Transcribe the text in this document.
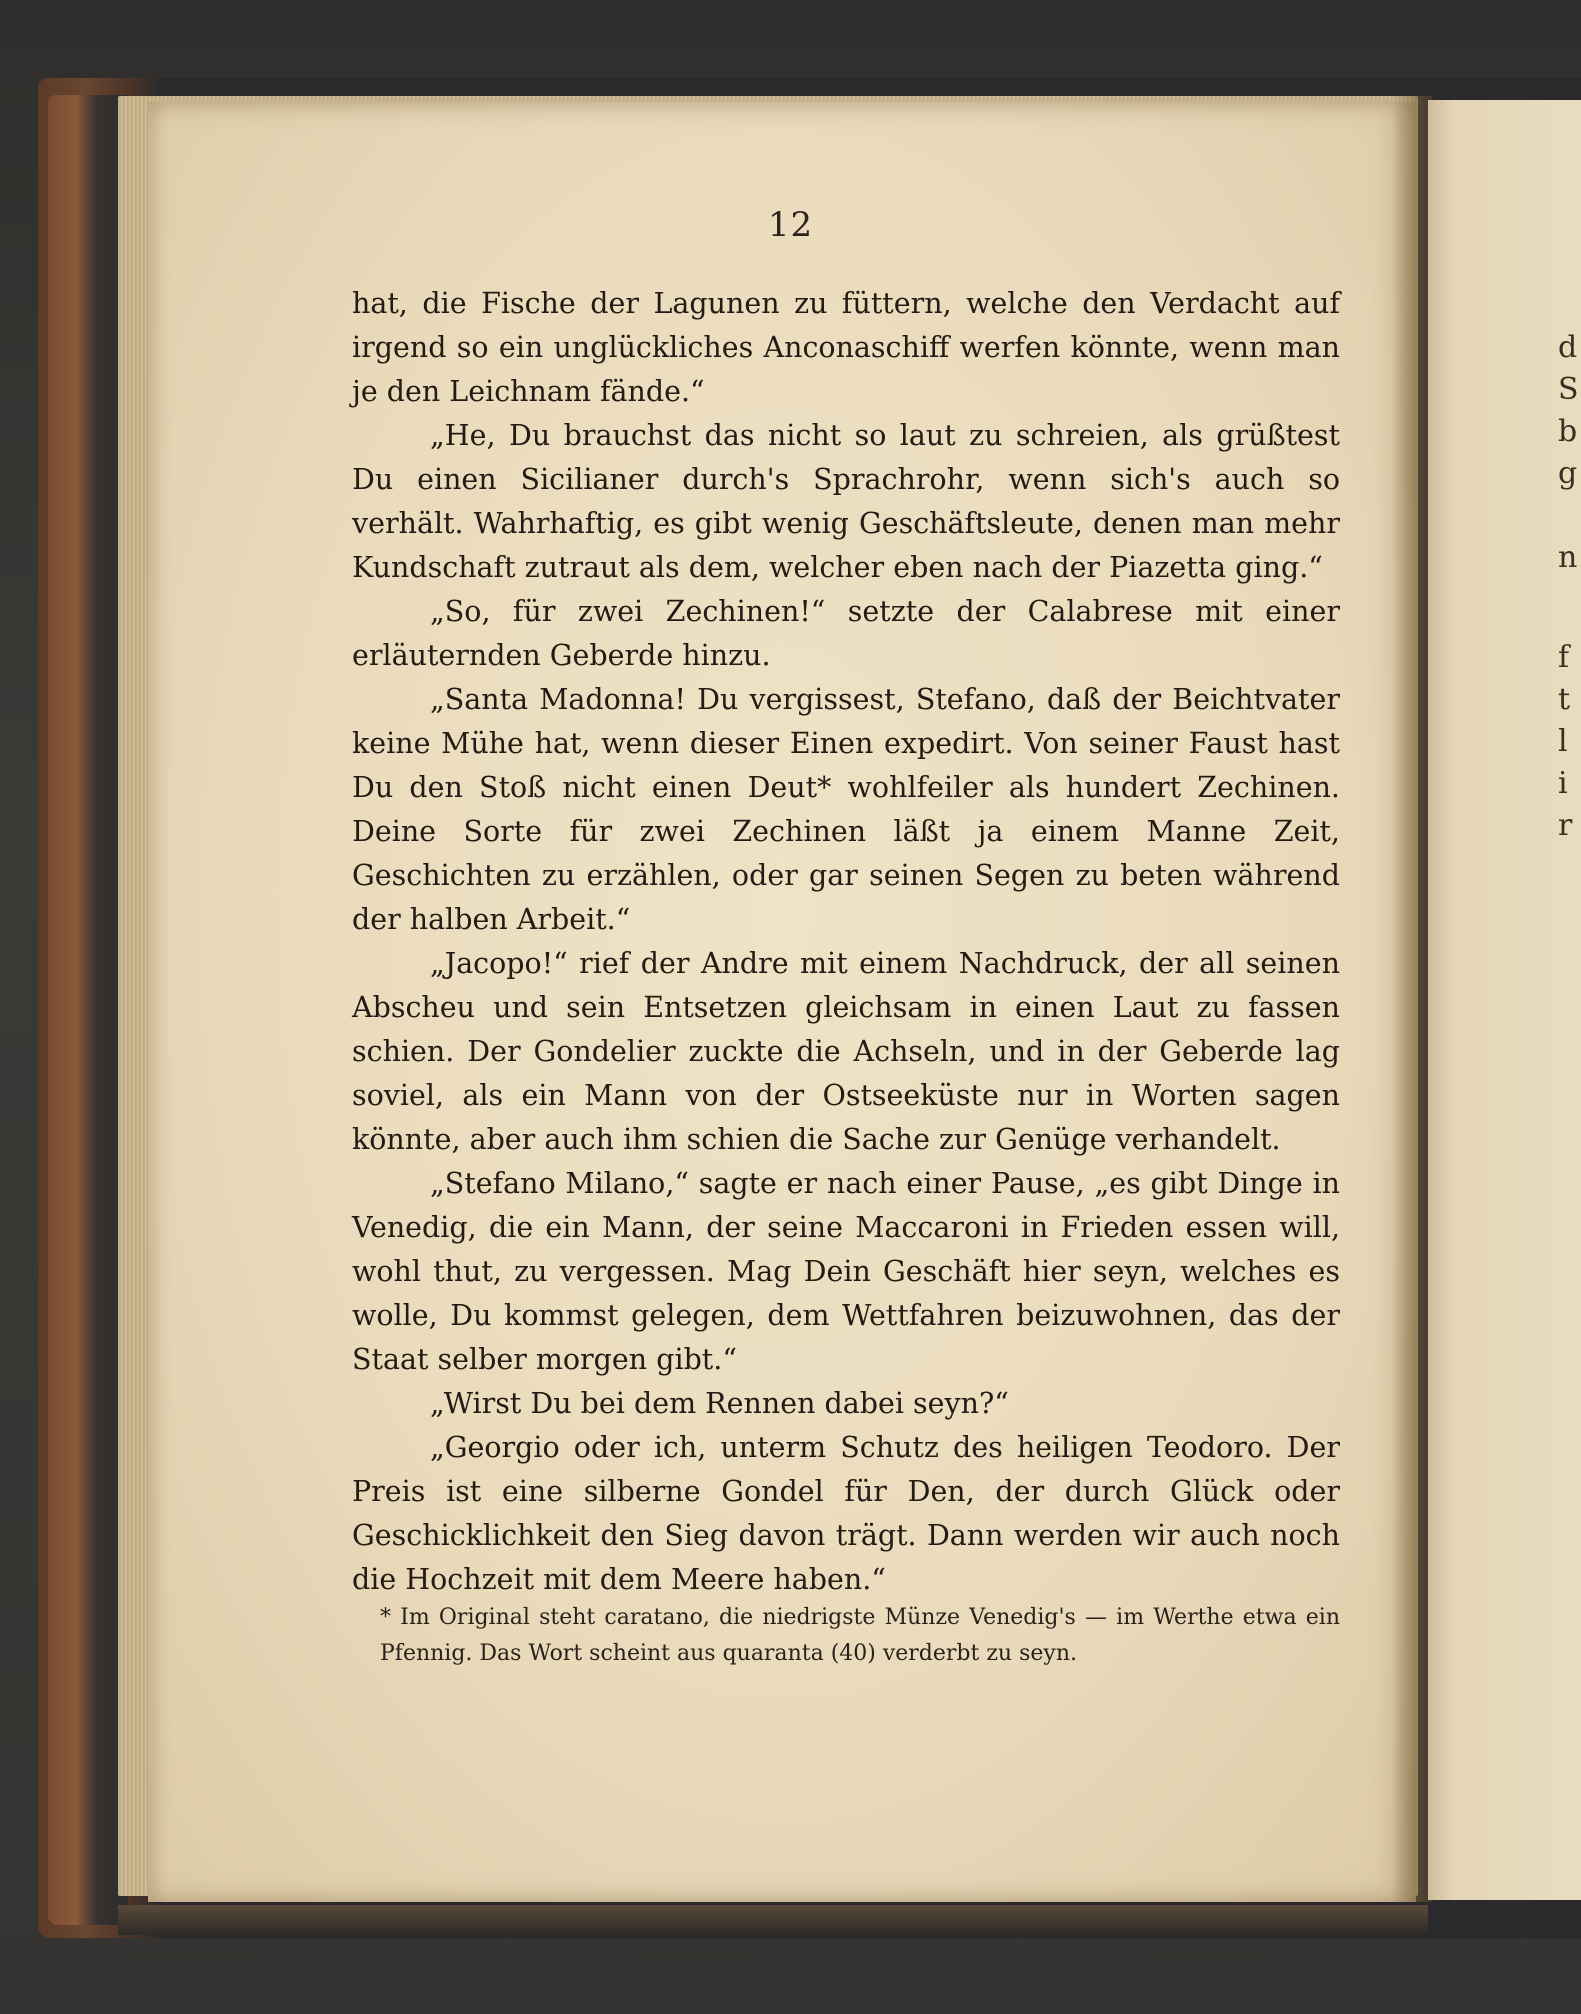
12

hat, die Fische der Lagunen zu füttern, welche den Verdacht auf irgend so ein unglückliches Anconaschiff werfen könnte, wenn man je den Leichnam fände.“

„He, Du brauchst das nicht so laut zu schreien, als grüßtest Du einen Sicilianer durch's Sprachrohr, wenn sich's auch so verhält. Wahrhaftig, es gibt wenig Geschäftsleute, denen man mehr Kundschaft zutraut als dem, welcher eben nach der Piazetta ging.“

„So, für zwei Zechinen!“ setzte der Calabrese mit einer erläuternden Geberde hinzu.

„Santa Madonna! Du vergissest, Stefano, daß der Beichtvater keine Mühe hat, wenn dieser Einen expedirt. Von seiner Faust hast Du den Stoß nicht einen Deut* wohlfeiler als hundert Zechinen. Deine Sorte für zwei Zechinen läßt ja einem Manne Zeit, Geschichten zu erzählen, oder gar seinen Segen zu beten während der halben Arbeit.“

„Jacopo!“ rief der Andre mit einem Nachdruck, der all seinen Abscheu und sein Entsetzen gleichsam in einen Laut zu fassen schien. Der Gondelier zuckte die Achseln, und in der Geberde lag soviel, als ein Mann von der Ostseeküste nur in Worten sagen könnte, aber auch ihm schien die Sache zur Genüge verhandelt.

„Stefano Milano,“ sagte er nach einer Pause, „es gibt Dinge in Venedig, die ein Mann, der seine Maccaroni in Frieden essen will, wohl thut, zu vergessen. Mag Dein Geschäft hier seyn, welches es wolle, Du kommst gelegen, dem Wettfahren beizuwohnen, das der Staat selber morgen gibt.“

„Wirst Du bei dem Rennen dabei seyn?“

„Georgio oder ich, unterm Schutz des heiligen Teodoro. Der Preis ist eine silberne Gondel für Den, der durch Glück oder Geschicklichkeit den Sieg davon trägt. Dann werden wir auch noch die Hochzeit mit dem Meere haben.“

* Im Original steht caratano, die niedrigste Münze Venedig's — im Werthe etwa ein Pfennig. Das Wort scheint aus quaranta (40) verderbt zu seyn.
d
S
b
g
n
f
t
l
i
r
